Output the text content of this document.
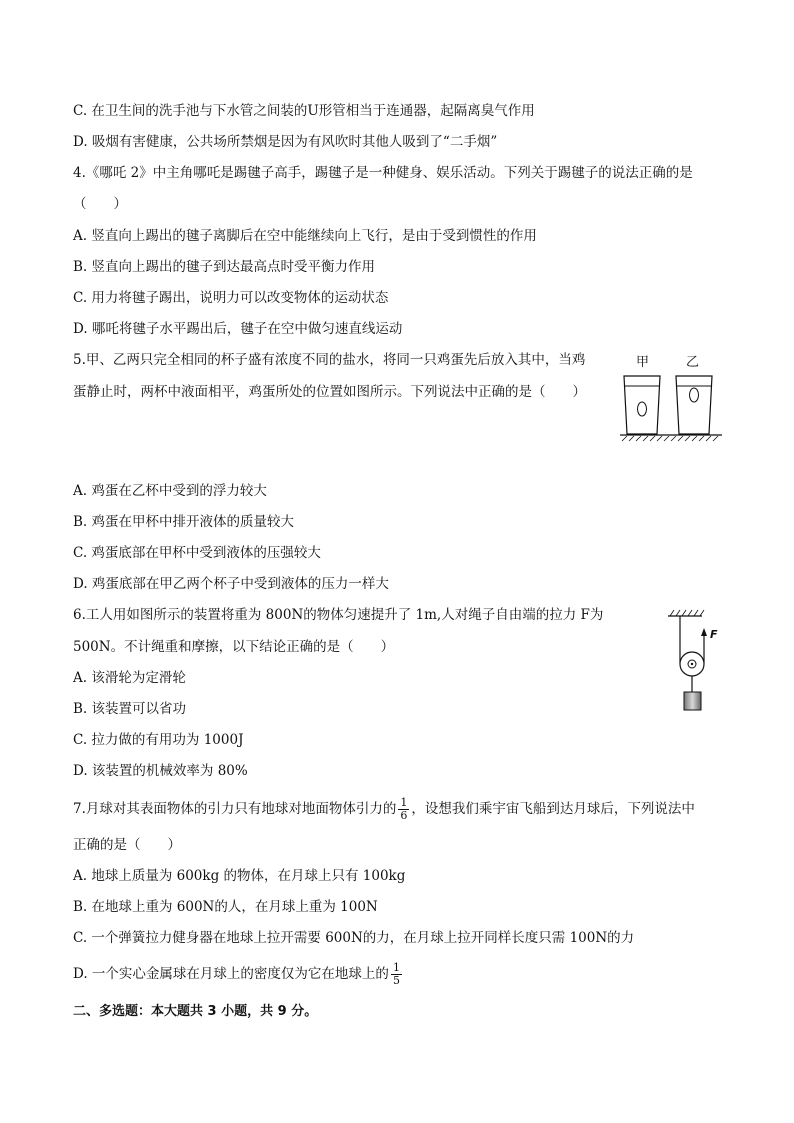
C. 在卫生间的洗手池与下水管之间装的U形管相当于连通器，起隔离臭气作用
D. 吸烟有害健康，公共场所禁烟是因为有风吹时其他人吸到了“二手烟”
4.《哪吒 2》中主角哪吒是踢毽子高手，踢毽子是一种健身、娱乐活动。下列关于踢毽子的说法正确的是
（　　）
A. 竖直向上踢出的毽子离脚后在空中能继续向上飞行，是由于受到惯性的作用
B. 竖直向上踢出的毽子到达最高点时受平衡力作用
C. 用力将毽子踢出，说明力可以改变物体的运动状态
D. 哪吒将毽子水平踢出后，毽子在空中做匀速直线运动
5.甲、乙两只完全相同的杯子盛有浓度不同的盐水，将同一只鸡蛋先后放入其中，当鸡
蛋静止时，两杯中液面相平，鸡蛋所处的位置如图所示。下列说法中正确的是（　　）
甲	乙
A. 鸡蛋在乙杯中受到的浮力较大
B. 鸡蛋在甲杯中排开液体的质量较大
C. 鸡蛋底部在甲杯中受到液体的压强较大
D. 鸡蛋底部在甲乙两个杯子中受到液体的压力一样大
6.工人用如图所示的装置将重为 800N的物体匀速提升了 1m,人对绳子自由端的拉力 F为
500N。不计绳重和摩擦，以下结论正确的是（　　）
F
A. 该滑轮为定滑轮
B. 该装置可以省功
C. 拉力做的有用功为 1000J
D. 该装置的机械效率为 80%
7.月球对其表面物体的引力只有地球对地面物体引力的 $\frac{1}{6}$ ，设想我们乘宇宙飞船到达月球后，下列说法中
正确的是（　　）
A. 地球上质量为 600kg 的物体，在月球上只有 100kg
B. 在地球上重为 600N的人，在月球上重为 100N
C. 一个弹簧拉力健身器在地球上拉开需要 600N的力，在月球上拉开同样长度只需 100N的力
D. 一个实心金属球在月球上的密度仅为它在地球上的 $\frac{1}{5}$
二、多选题：本大题共 3 小题，共 9 分。
